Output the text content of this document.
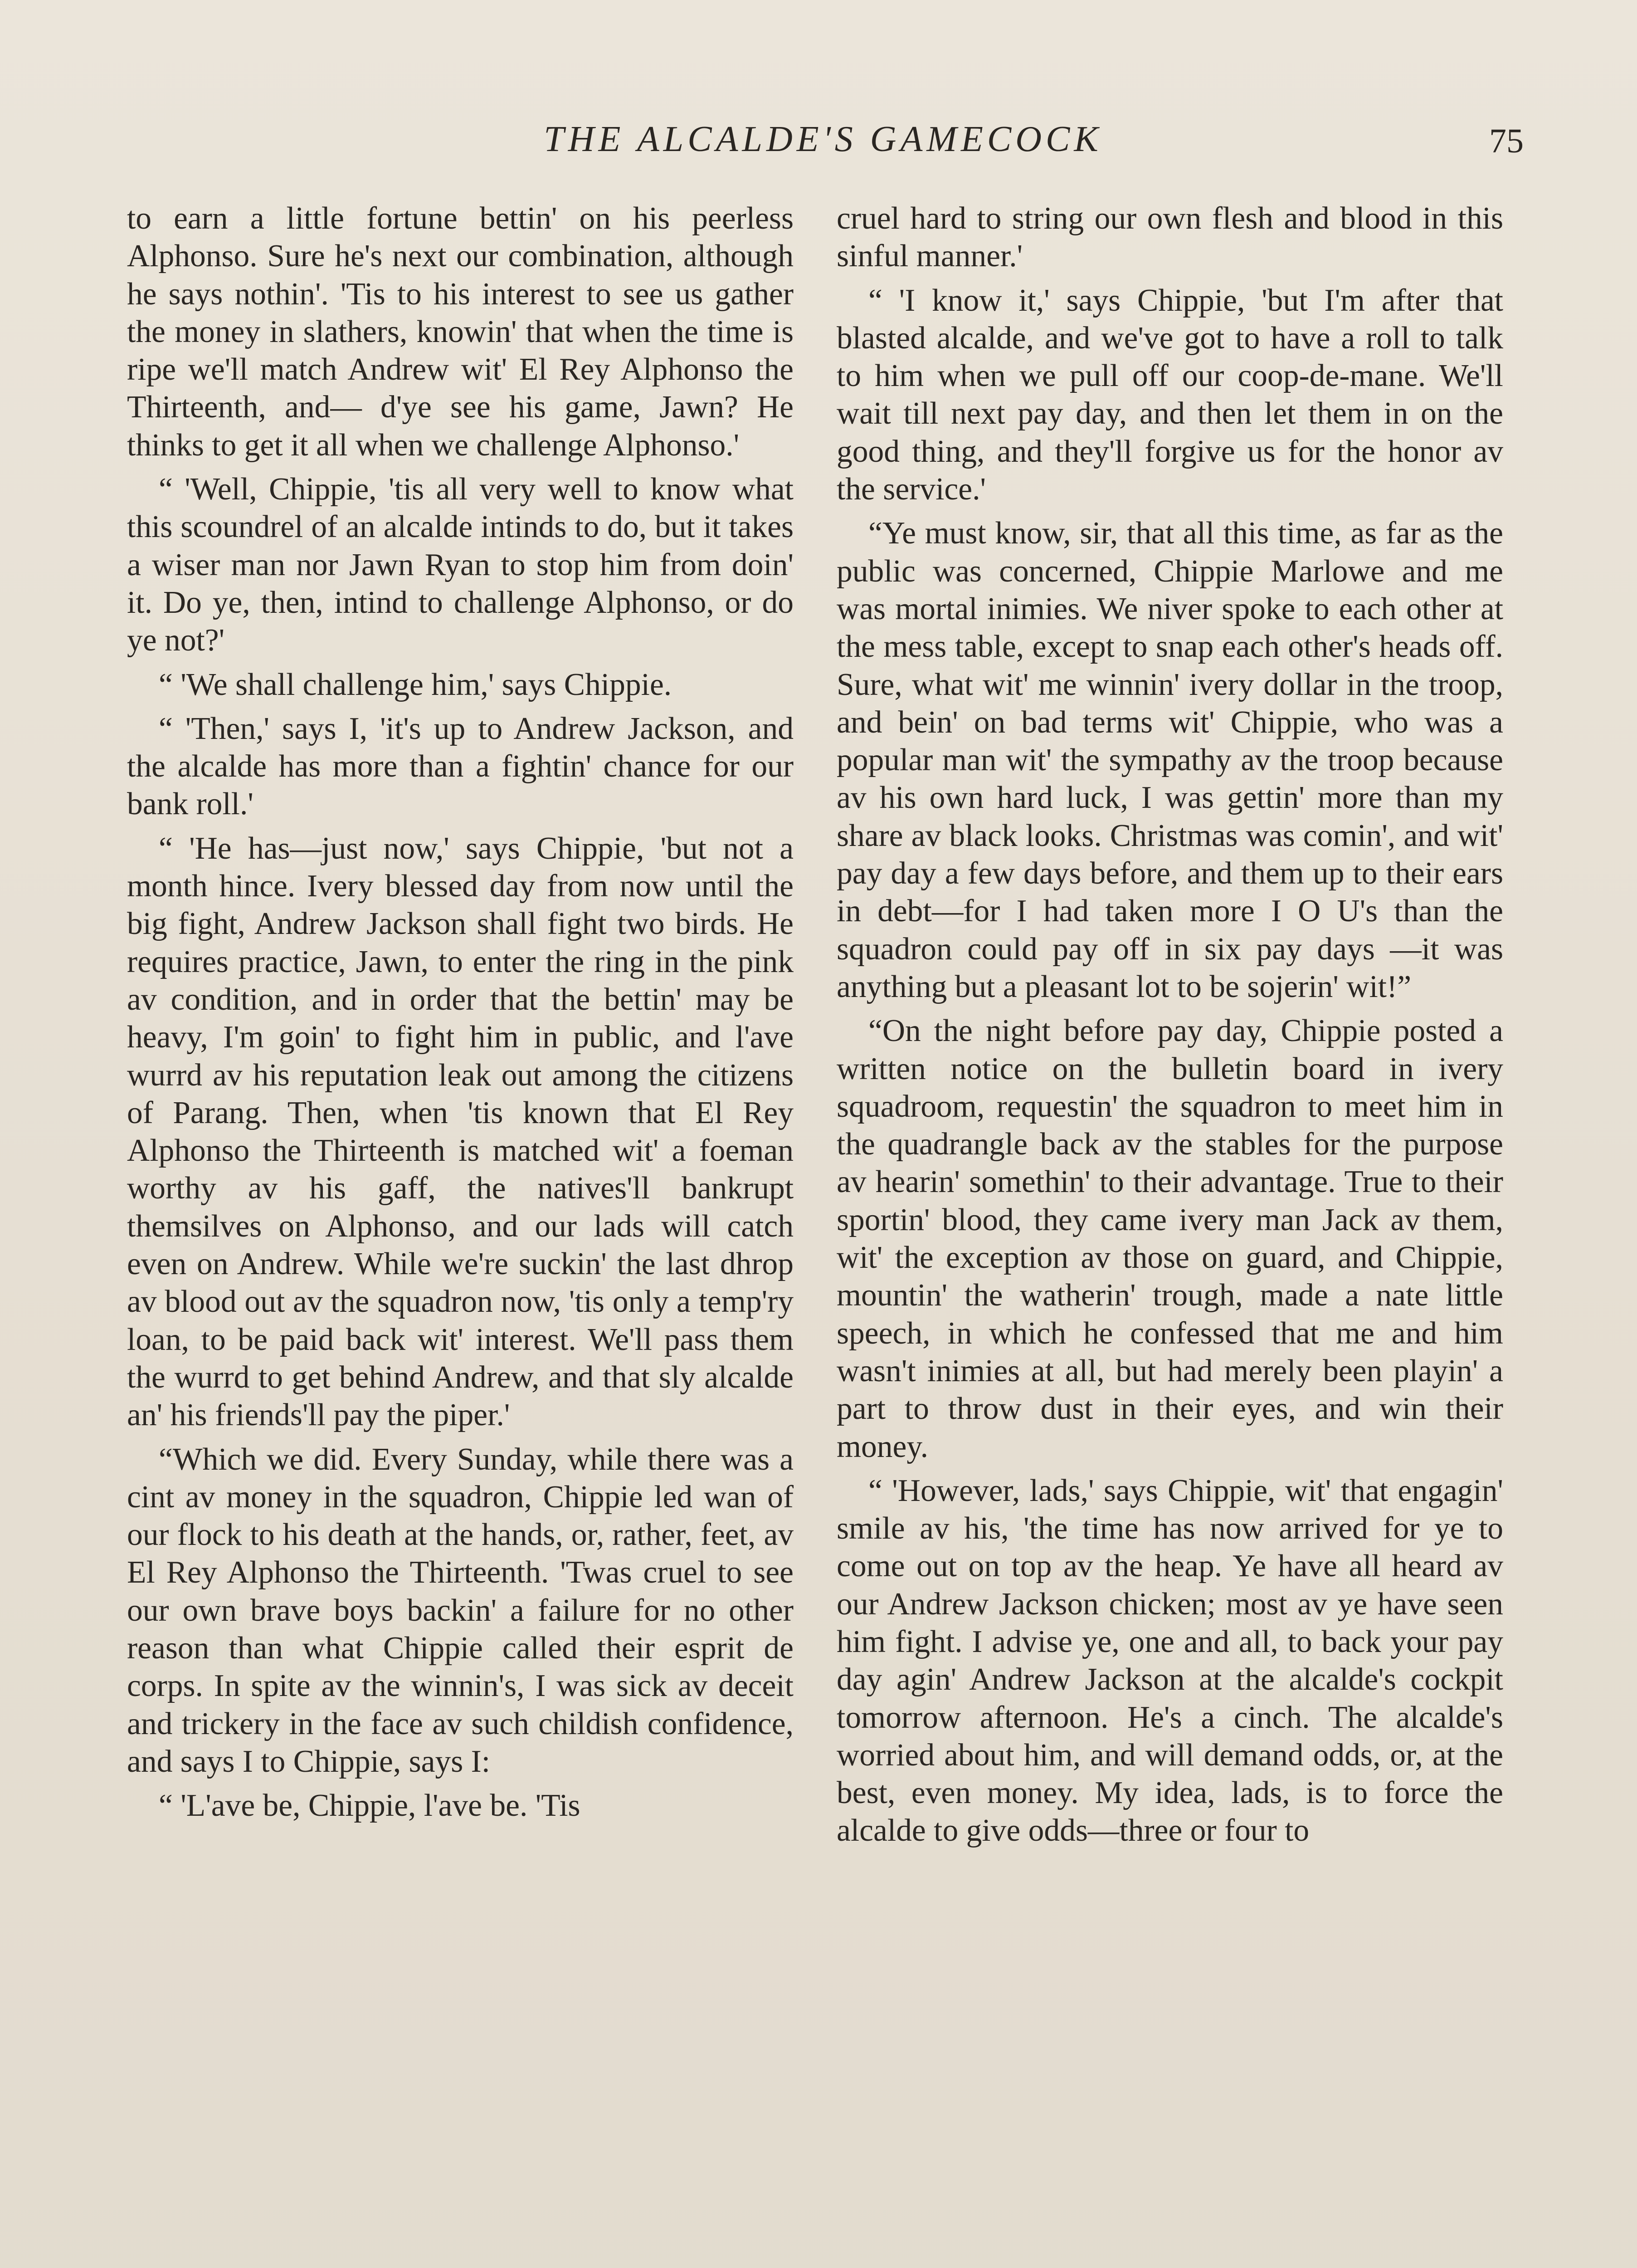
THE ALCALDE'S GAMECOCK	75

to earn a little fortune bettin' on his peerless Alphonso. Sure he's next our combination, although he says nothin'. 'Tis to his interest to see us gather the money in slathers, knowin' that when the time is ripe we'll match Andrew wit' El Rey Alphonso the Thirteenth, and— d'ye see his game, Jawn? He thinks to get it all when we challenge Alphonso.'

“ 'Well, Chippie, 'tis all very well to know what this scoundrel of an alcalde intinds to do, but it takes a wiser man nor Jawn Ryan to stop him from doin' it. Do ye, then, intind to challenge Alphonso, or do ye not?'

“ 'We shall challenge him,' says Chippie.

“ 'Then,' says I, 'it's up to Andrew Jackson, and the alcalde has more than a fightin' chance for our bank roll.'

“ 'He has—just now,' says Chippie, 'but not a month hince. Ivery blessed day from now until the big fight, Andrew Jackson shall fight two birds. He requires practice, Jawn, to enter the ring in the pink av condition, and in order that the bettin' may be heavy, I'm goin' to fight him in public, and l'ave wurrd av his reputation leak out among the citizens of Parang. Then, when 'tis known that El Rey Alphonso the Thirteenth is matched wit' a foeman worthy av his gaff, the natives'll bankrupt themsilves on Alphonso, and our lads will catch even on Andrew. While we're suckin' the last dhrop av blood out av the squadron now, 'tis only a temp'ry loan, to be paid back wit' interest. We'll pass them the wurrd to get behind Andrew, and that sly alcalde an' his friends'll pay the piper.'

“Which we did. Every Sunday, while there was a cint av money in the squadron, Chippie led wan of our flock to his death at the hands, or, rather, feet, av El Rey Alphonso the Thirteenth. 'Twas cruel to see our own brave boys backin' a failure for no other reason than what Chippie called their esprit de corps. In spite av the winnin's, I was sick av deceit and trickery in the face av such childish confidence, and says I to Chippie, says I:

“ 'L'ave be, Chippie, l'ave be. 'Tis

cruel hard to string our own flesh and blood in this sinful manner.'

“ 'I know it,' says Chippie, 'but I'm after that blasted alcalde, and we've got to have a roll to talk to him when we pull off our coop-de-mane. We'll wait till next pay day, and then let them in on the good thing, and they'll forgive us for the honor av the service.'

“Ye must know, sir, that all this time, as far as the public was concerned, Chippie Marlowe and me was mortal inimies. We niver spoke to each other at the mess table, except to snap each other's heads off. Sure, what wit' me winnin' ivery dollar in the troop, and bein' on bad terms wit' Chippie, who was a popular man wit' the sympathy av the troop because av his own hard luck, I was gettin' more than my share av black looks. Christmas was comin', and wit' pay day a few days before, and them up to their ears in debt—for I had taken more I O U's than the squadron could pay off in six pay days —it was anything but a pleasant lot to be sojerin' wit!”

“On the night before pay day, Chippie posted a written notice on the bulletin board in ivery squadroom, requestin' the squadron to meet him in the quadrangle back av the stables for the purpose av hearin' somethin' to their advantage. True to their sportin' blood, they came ivery man Jack av them, wit' the exception av those on guard, and Chippie, mountin' the watherin' trough, made a nate little speech, in which he confessed that me and him wasn't inimies at all, but had merely been playin' a part to throw dust in their eyes, and win their money.

“ 'However, lads,' says Chippie, wit' that engagin' smile av his, 'the time has now arrived for ye to come out on top av the heap. Ye have all heard av our Andrew Jackson chicken; most av ye have seen him fight. I advise ye, one and all, to back your pay day agin' Andrew Jackson at the alcalde's cockpit tomorrow afternoon. He's a cinch. The alcalde's worried about him, and will demand odds, or, at the best, even money. My idea, lads, is to force the alcalde to give odds—three or four to
